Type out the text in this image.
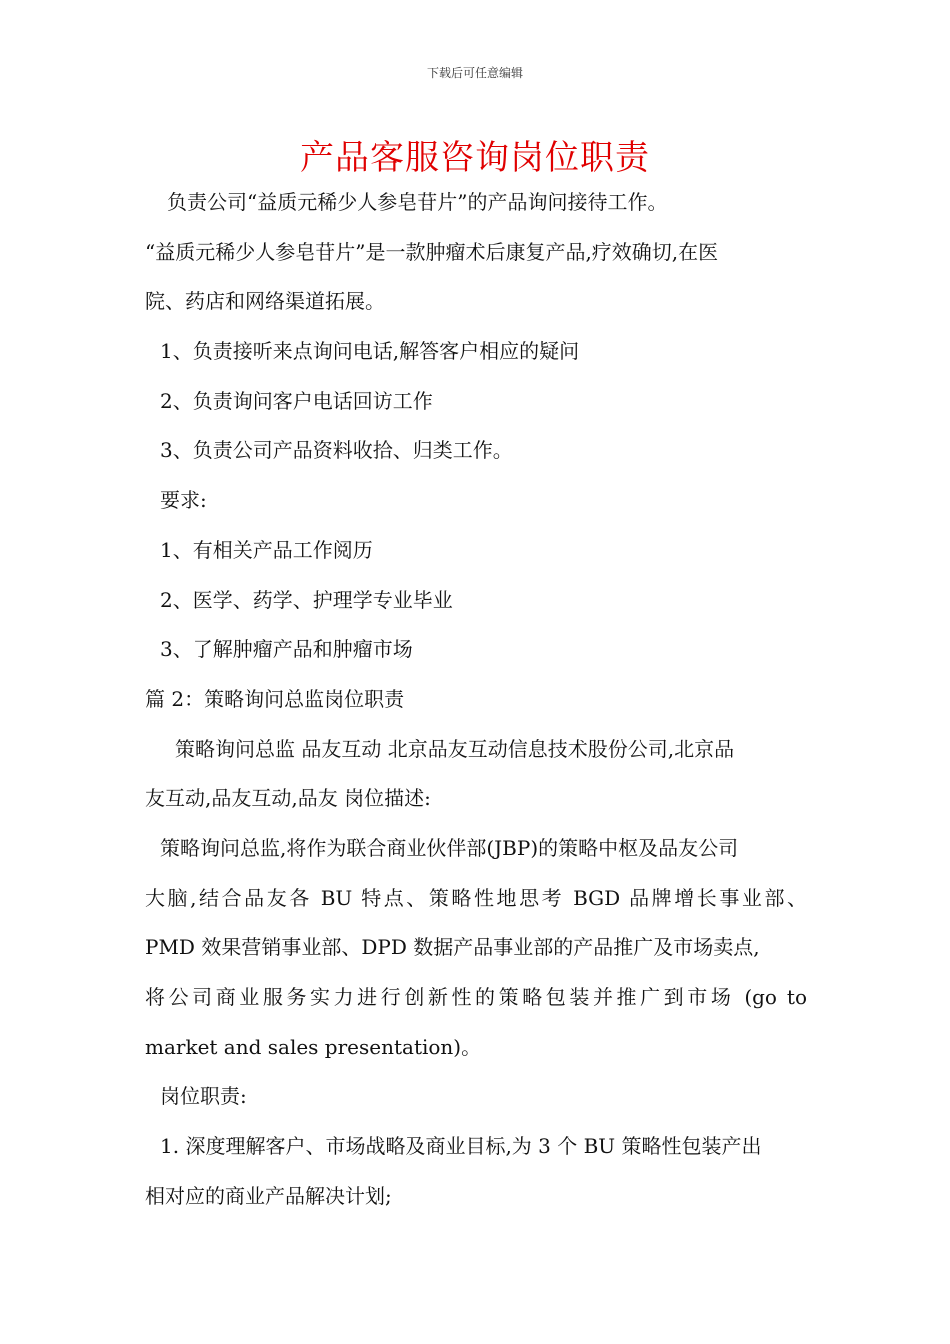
下载后可任意编辑
产品客服咨询岗位职责
负责公司“益质元稀少人参皂苷片”的产品询问接待工作。
“益质元稀少人参皂苷片”是一款肿瘤术后康复产品,疗效确切,在医
院、药店和网络渠道拓展。
1、负责接听来点询问电话,解答客户相应的疑问
2、负责询问客户电话回访工作
3、负责公司产品资料收拾、归类工作。
要求:
1、有相关产品工作阅历
2、医学、药学、护理学专业毕业
3、了解肿瘤产品和肿瘤市场
篇 2：策略询问总监岗位职责
策略询问总监 品友互动 北京品友互动信息技术股份公司,北京品
友互动,品友互动,品友 岗位描述:
策略询问总监,将作为联合商业伙伴部(JBP)的策略中枢及品友公司
大脑,结合品友各 BU 特点、策略性地思考 BGD 品牌增长事业部、
PMD 效果营销事业部、DPD 数据产品事业部的产品推广及市场卖点,
将公司商业服务实力进行创新性的策略包装并推广到市场 (go to
market and sales presentation)。
岗位职责:
1. 深度理解客户、市场战略及商业目标,为 3 个 BU 策略性包装产出
相对应的商业产品解决计划;
